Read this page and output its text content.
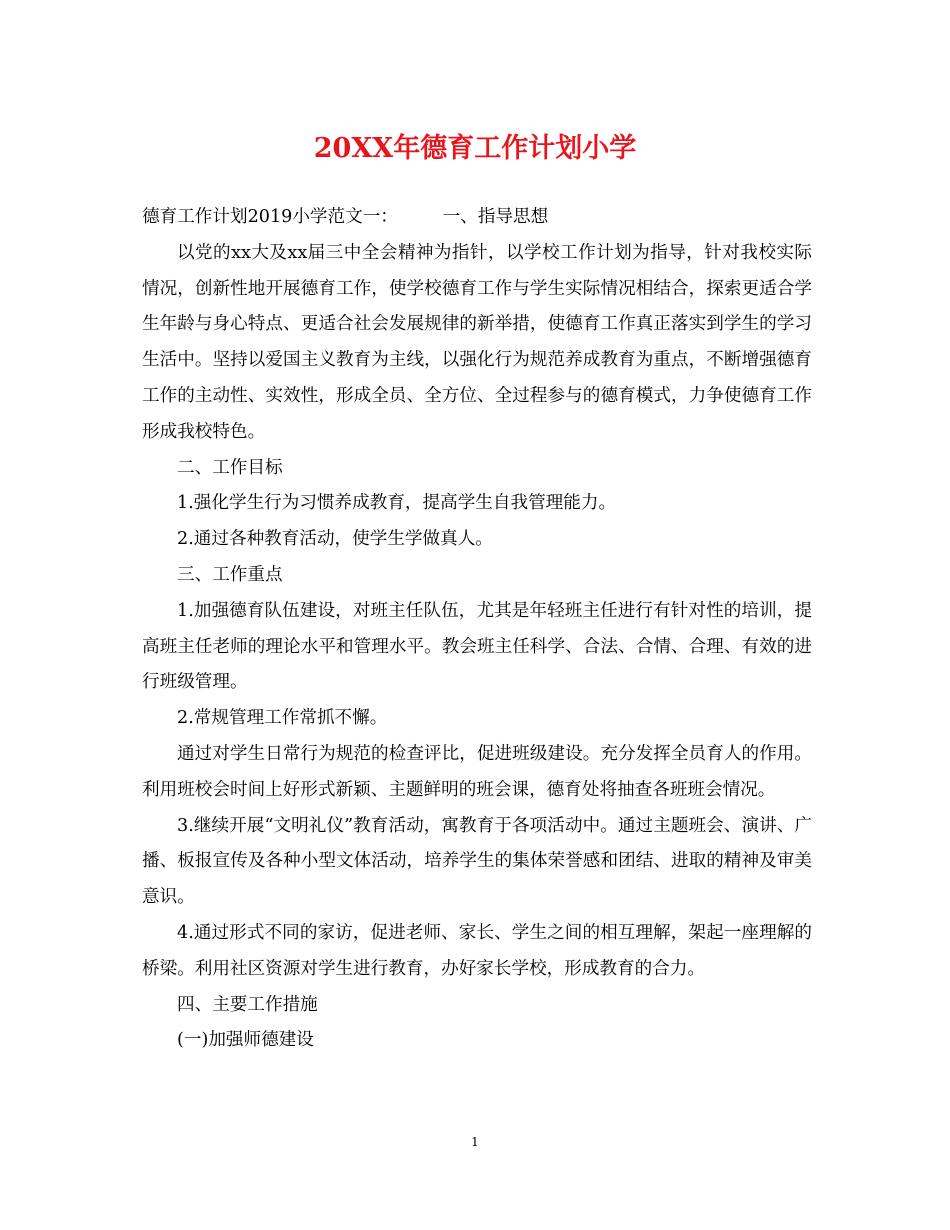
20XX年德育工作计划小学

德育工作计划2019小学范文一：        一、指导思想

以党的xx大及xx届三中全会精神为指针，以学校工作计划为指导，针对我校实际情况，创新性地开展德育工作，使学校德育工作与学生实际情况相结合，探索更适合学生年龄与身心特点、更适合社会发展规律的新举措，使德育工作真正落实到学生的学习生活中。坚持以爱国主义教育为主线，以强化行为规范养成教育为重点，不断增强德育工作的主动性、实效性，形成全员、全方位、全过程参与的德育模式，力争使德育工作形成我校特色。

二、工作目标

1.强化学生行为习惯养成教育，提高学生自我管理能力。

2.通过各种教育活动，使学生学做真人。

三、工作重点

1.加强德育队伍建设，对班主任队伍，尤其是年轻班主任进行有针对性的培训，提高班主任老师的理论水平和管理水平。教会班主任科学、合法、合情、合理、有效的进行班级管理。

2.常规管理工作常抓不懈。

通过对学生日常行为规范的检查评比，促进班级建设。充分发挥全员育人的作用。利用班校会时间上好形式新颖、主题鲜明的班会课，德育处将抽查各班班会情况。

3.继续开展“文明礼仪”教育活动，寓教育于各项活动中。通过主题班会、演讲、广播、板报宣传及各种小型文体活动，培养学生的集体荣誉感和团结、进取的精神及审美意识。

4.通过形式不同的家访，促进老师、家长、学生之间的相互理解，架起一座理解的桥梁。利用社区资源对学生进行教育，办好家长学校，形成教育的合力。

四、主要工作措施

(一)加强师德建设

1
